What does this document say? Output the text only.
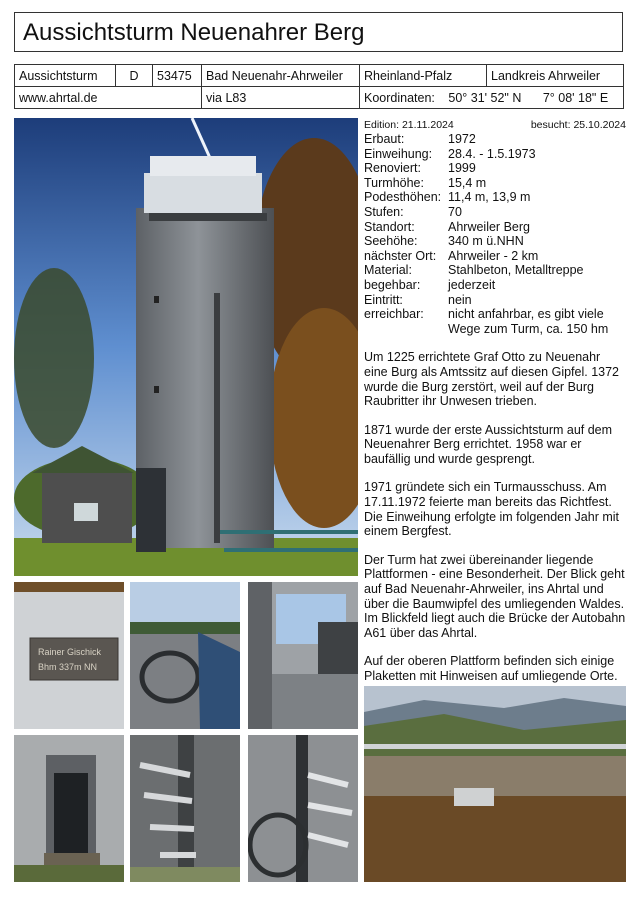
Aussichtsturm Neuenahrer Berg
Aussichtsturm	D	53475	Bad Neuenahr-Ahrweiler	Rheinland-Pfalz	Landkreis Ahrweiler
www.ahrtal.de			via L83	Koordinaten: 50° 31' 52" N 7° 08' 18" E	
Rainer Gischick
Bhm 337m NN
Edition: 21.11.2024	besucht: 25.10.2024
Erbaut:	1972
Einweihung:	28.4. - 1.5.1973
Renoviert:	1999
Turmhöhe:	15,4 m
Podesthöhen: 11,4 m, 13,9 m
Stufen:	70
Standort:	Ahrweiler Berg
Seehöhe:	340 m ü.NHN
nächster Ort: Ahrweiler - 2 km
Material:	Stahlbeton, Metalltreppe
begehbar:	jederzeit
Eintritt:	nein
erreichbar:	nicht anfahrbar, es gibt viele Wege zum Turm, ca. 150 hm

Um 1225 errichtete Graf Otto zu Neuenahr eine Burg als Amtssitz auf diesen Gipfel. 1372 wurde die Burg zerstört, weil auf der Burg Raubritter ihr Unwesen trieben.

1871 wurde der erste Aussichtsturm auf dem Neuenahrer Berg errichtet. 1958 war er baufällig und wurde gesprengt.

1971 gründete sich ein Turmausschuss. Am 17.11.1972 feierte man bereits das Richtfest. Die Einweihung erfolgte im folgenden Jahr mit einem Bergfest.

Der Turm hat zwei übereinander liegende Plattformen - eine Besonderheit. Der Blick geht auf Bad Neuenahr-Ahrweiler, ins Ahrtal und über die Baumwipfel des umliegenden Waldes. Im Blickfeld liegt auch die Brücke der Autobahn A61 über das Ahrtal.

Auf der oberen Plattform befinden sich einige Plaketten mit Hinweisen auf umliegende Orte.
